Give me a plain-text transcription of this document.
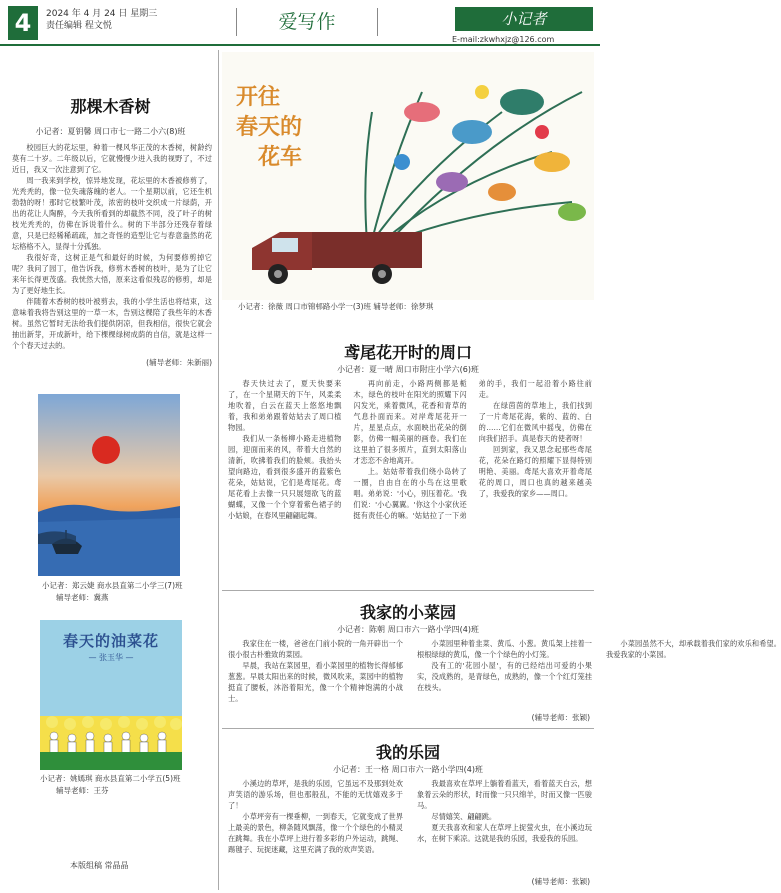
4	2024 年 4 月 24 日 星期三
责任编辑 程文悦	爱写作	小记者
E-mail:zkwhxjz@126.com
那棵木香树
小记者：夏钥馨 周口市七一路二小六(8)班

校园巨大的花坛里，种着一棵风华正茂的木香树，树龄约莫有二十岁。二年级以后，它就慢慢少进入我的视野了，不过近日，我又一次注意到了它。

周一我来到学校，惊异地发现，花坛里的木香被修剪了，光秃秃的，像一位失魂落魄的老人。一个星期以前，它还生机勃勃的呀！那时它枝繁叶茂，浓密的枝叶交织成一片绿荫，开出的花让人陶醉，今天我所看到的却截然不同，没了叶子的树枝光秃秃的，仿佛在诉说着什么。树的下半部分还残存着绿意，只是已经稀稀疏疏，加之奇怪的造型让它与春意盎然的花坛格格不入，显得十分孤独。

我很好奇，这树正是气和最好的时候，为何要修剪掉它呢？我问了园丁，他告诉我，修剪木香树的枝叶，是为了让它来年长得更茂盛。我恍然大悟，原来这看似残忍的修剪，却是为了更好地生长。

伴随着木香树的枝叶被剪去，我的小学生活也将结束，这意味着我将告别这里的一草一木，告别这棵陪了我些年的木香树。虽然它暂时无法给我们提供阴凉，但我相信，很快它就会抽出新芽，开成新叶，给下棵棵绿树成荫的自信，就是这样一个个春天过去的。

(辅导老师：朱新丽)
小记者：郑云婕 商水县直第二小学三(7)班
辅导老师：冀燕
春天的油菜花
— 张玉华 —
小记者：姚嫣琪 商水县直第二小学五(5)班
辅导老师：王芬
开往
春天的
花车
小记者：徐薇 周口市锦邨路小学一(3)班 辅导老师：徐梦琪
鸢尾花开时的周口
小记者：夏一晴 周口市附庄小学六(6)班

春天快过去了，夏天快要来了，在一个星期天的下午，风柔柔地吹着，白云在蓝天上悠悠地飘着，我和弟弟跟着姑姑去了周口植物园。

我们从一条杨柳小路走进植物园，迎面而来的风，带着大自然的清新，吹拂着我们的脸颊。我抬头望向路边，看到很多盛开的蓝紫色花朵，姑姑说，它们是鸢尾花。鸢尾花看上去像一只只展翅欲飞的蓝蝴蝶，又像一个个穿着紫色裙子的小姑娘，在春风里翩翩起舞。

再向前走，小路两侧都是栀木，绿色的枝叶在阳光的照耀下闪闪发光，乘着微风，花香和青草的气息扑面而来。对岸鸢尾花开一片，星星点点，水面映出花朵的倒影，仿佛一幅美丽的画卷。我们在这里拍了很多照片，直到太阳落山才恋恋不舍地离开。

上。姑姑带着我们绕小岛转了一圈，自由自在的小鸟在这里歌唱。弟弟说：'小心，别压着花。'我们说：'小心翼翼。'你这个小家伙还挺有责任心的嘛。'姑姑拉了一下弟弟的手，我们一起沿着小路往前走。

在绿茵茵的草地上，我们找到了一片鸢尾花海，紫的、蓝的、白的……它们在微风中摇曳，仿佛在向我们招手。真是春天的使者呀！

回到家，我又思念起那些鸢尾花，花朵在路灯的照耀下显得特别明艳、美丽。鸢尾大喜欢开着鸢尾花的周口，周口也真的越来越美了，我爱我的家乡——周口。

我家的小菜园
小记者：陈朝 周口市六一路小学四(4)班

我家住在一楼，爸爸在门前小院的一角开辟出一个很小很古朴雅致的菜园。

早晨，我站在菜园里，看小菜园里的植物长得郁郁葱葱。早晨太阳出来的时候，微风吹来，菜园中的植物挺直了腰板，沐浴着阳光，像一个个精神饱满的小战士。

小菜园里种着韭菜、黄瓜、小葱。黄瓜架上挂着一根根绿绿的黄瓜，像一个个绿色的小灯笼。

没有工的'花园小屋'，有的已经结出可爱的小果实，没成熟的，是青绿色，成熟的，像一个个红灯笼挂在枝头。

小菜园虽然不大，却承载着我们家的欢乐和希望。我爱我家的小菜园。

(辅导老师：张颖)
我的乐园
小记者：王一格 周口市六一路小学四(4)班

小溪边的草坪，是我的乐园，它虽远不及那到处欢声笑语的游乐场，但也那般乱，不能的无忧嬉戏多于了！

小草坪旁有一棵垂柳，一到春天，它就变成了世界上最美的景色，柳条随风飘荡，像一个个绿色的小精灵在跳舞。我在小草坪上进行着多彩的户外运动，跳绳、踢毽子、玩捉迷藏，这里充满了我的欢声笑语。

我最喜欢在草坪上躺着看蓝天，看着蓝天白云，想象着云朵的形状，时而像一只只绵羊，时而又像一匹骏马。

尽情嬉笑、翩翩跳。

夏天我喜欢和家人在草坪上捉萤火虫，在小溪边玩水，在树下乘凉。这就是我的乐园，我爱我的乐园。

(辅导老师：张颖)
本版组稿 常晶晶
